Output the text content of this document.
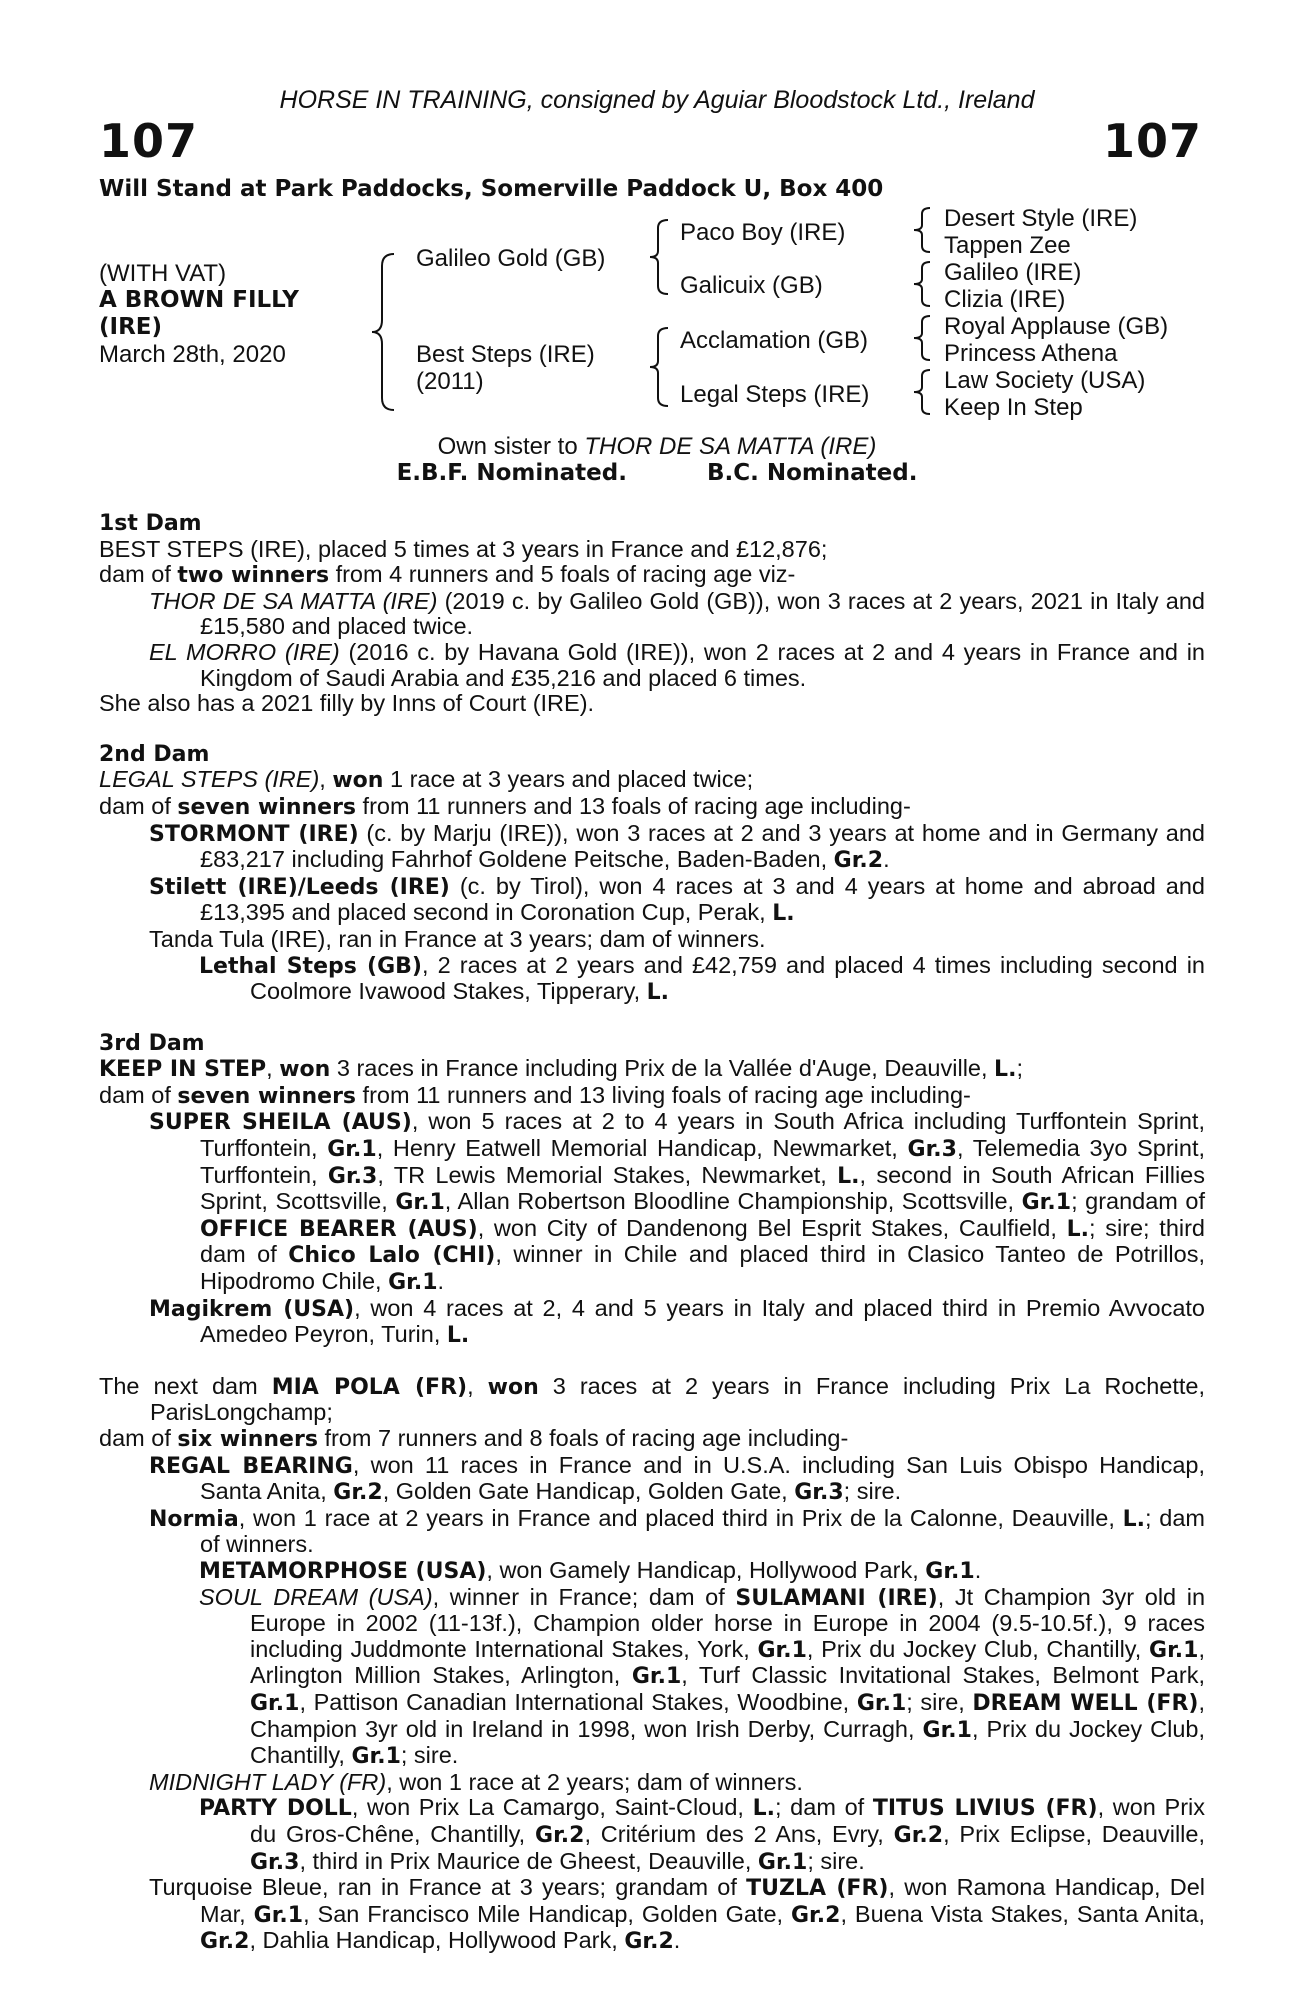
HORSE IN TRAINING, consigned by Aguiar Bloodstock Ltd., Ireland
107	107
Will Stand at Park Paddocks, Somerville Paddock U, Box 400
(WITH VAT)
A BROWN FILLY
(IRE)
March 28th, 2020
Galileo Gold (GB)
Best Steps (IRE)
(2011)
Paco Boy (IRE)
Galicuix (GB)
Acclamation (GB)
Legal Steps (IRE)
Desert Style (IRE)
Tappen Zee
Galileo (IRE)
Clizia (IRE)
Royal Applause (GB)
Princess Athena
Law Society (USA)
Keep In Step
Own sister to THOR DE SA MATTA (IRE)
E.B.F. Nominated.	B.C. Nominated.
1st Dam

BEST STEPS (IRE), placed 5 times at 3 years in France and £12,876;

dam of two winners from 4 runners and 5 foals of racing age viz-

THOR DE SA MATTA (IRE) (2019 c. by Galileo Gold (GB)), won 3 races at 2 years, 2021 in Italy and £15,580 and placed twice.

EL MORRO (IRE) (2016 c. by Havana Gold (IRE)), won 2 races at 2 and 4 years in France and in Kingdom of Saudi Arabia and £35,216 and placed 6 times.

She also has a 2021 filly by Inns of Court (IRE).

2nd Dam

LEGAL STEPS (IRE), won 1 race at 3 years and placed twice;

dam of seven winners from 11 runners and 13 foals of racing age including-

STORMONT (IRE) (c. by Marju (IRE)), won 3 races at 2 and 3 years at home and in Germany and £83,217 including Fahrhof Goldene Peitsche, Baden-Baden, Gr.2.

Stilett (IRE)/Leeds (IRE) (c. by Tirol), won 4 races at 3 and 4 years at home and abroad and £13,395 and placed second in Coronation Cup, Perak, L.

Tanda Tula (IRE), ran in France at 3 years; dam of winners.

Lethal Steps (GB), 2 races at 2 years and £42,759 and placed 4 times including second in Coolmore Ivawood Stakes, Tipperary, L.

3rd Dam

KEEP IN STEP, won 3 races in France including Prix de la Vallée d'Auge, Deauville, L.;

dam of seven winners from 11 runners and 13 living foals of racing age including-

SUPER SHEILA (AUS), won 5 races at 2 to 4 years in South Africa including Turffontein Sprint, Turffontein, Gr.1, Henry Eatwell Memorial Handicap, Newmarket, Gr.3, Telemedia 3yo Sprint, Turffontein, Gr.3, TR Lewis Memorial Stakes, Newmarket, L., second in South African Fillies Sprint, Scottsville, Gr.1, Allan Robertson Bloodline Championship, Scottsville, Gr.1; grandam of OFFICE BEARER (AUS), won City of Dandenong Bel Esprit Stakes, Caulfield, L.; sire; third dam of Chico Lalo (CHI), winner in Chile and placed third in Clasico Tanteo de Potrillos, Hipodromo Chile, Gr.1.

Magikrem (USA), won 4 races at 2, 4 and 5 years in Italy and placed third in Premio Avvocato Amedeo Peyron, Turin, L.

The next dam MIA POLA (FR), won 3 races at 2 years in France including Prix La Rochette, ParisLongchamp;

dam of six winners from 7 runners and 8 foals of racing age including-

REGAL BEARING, won 11 races in France and in U.S.A. including San Luis Obispo Handicap, Santa Anita, Gr.2, Golden Gate Handicap, Golden Gate, Gr.3; sire.

Normia, won 1 race at 2 years in France and placed third in Prix de la Calonne, Deauville, L.; dam of winners.

METAMORPHOSE (USA), won Gamely Handicap, Hollywood Park, Gr.1.

SOUL DREAM (USA), winner in France; dam of SULAMANI (IRE), Jt Champion 3yr old in Europe in 2002 (11-13f.), Champion older horse in Europe in 2004 (9.5-10.5f.), 9 races including Juddmonte International Stakes, York, Gr.1, Prix du Jockey Club, Chantilly, Gr.1, Arlington Million Stakes, Arlington, Gr.1, Turf Classic Invitational Stakes, Belmont Park, Gr.1, Pattison Canadian International Stakes, Woodbine, Gr.1; sire, DREAM WELL (FR), Champion 3yr old in Ireland in 1998, won Irish Derby, Curragh, Gr.1, Prix du Jockey Club, Chantilly, Gr.1; sire.

MIDNIGHT LADY (FR), won 1 race at 2 years; dam of winners.

PARTY DOLL, won Prix La Camargo, Saint-Cloud, L.; dam of TITUS LIVIUS (FR), won Prix du Gros-Chêne, Chantilly, Gr.2, Critérium des 2 Ans, Evry, Gr.2, Prix Eclipse, Deauville, Gr.3, third in Prix Maurice de Gheest, Deauville, Gr.1; sire.

Turquoise Bleue, ran in France at 3 years; grandam of TUZLA (FR), won Ramona Handicap, Del Mar, Gr.1, San Francisco Mile Handicap, Golden Gate, Gr.2, Buena Vista Stakes, Santa Anita, Gr.2, Dahlia Handicap, Hollywood Park, Gr.2.
